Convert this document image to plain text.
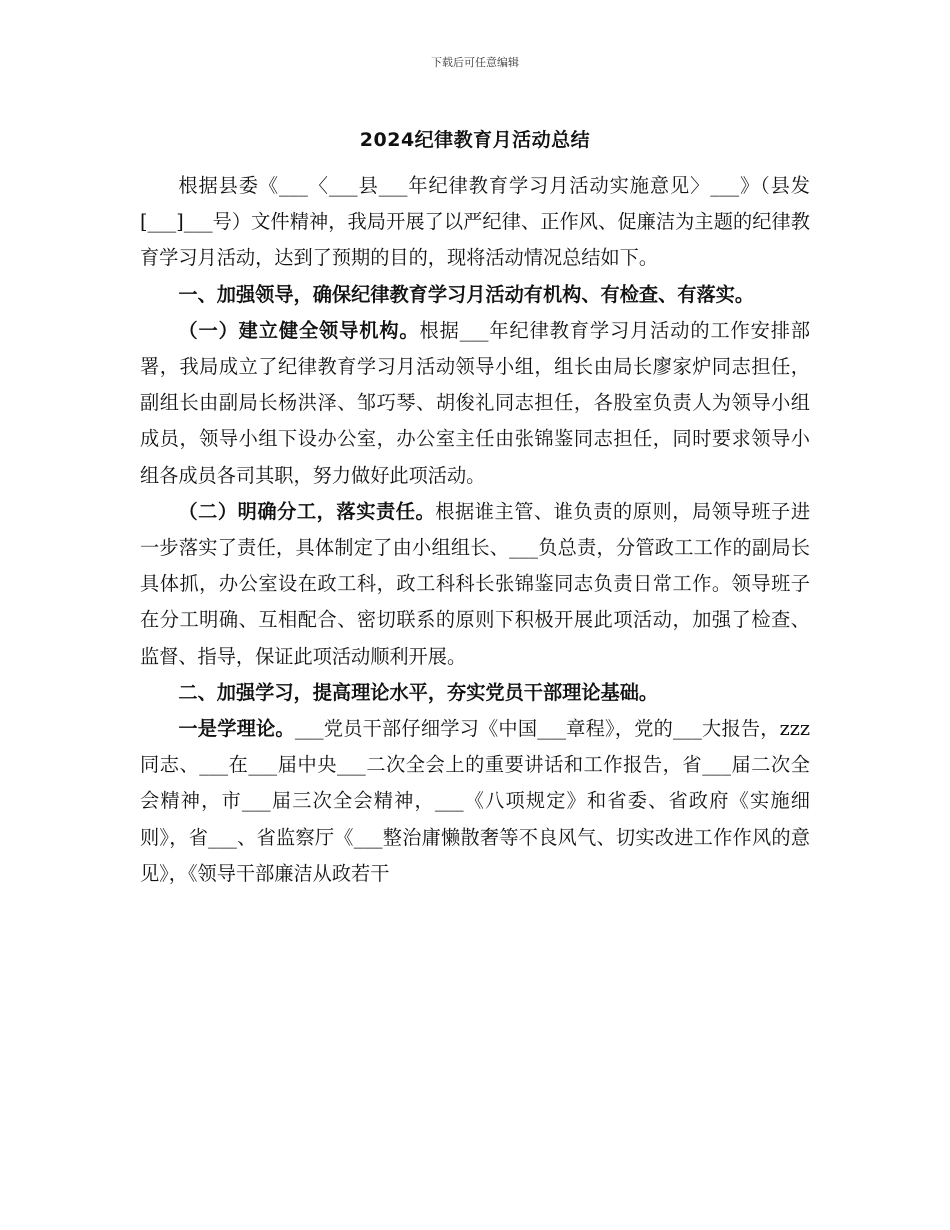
下载后可任意编辑
2024纪律教育月活动总结

根据县委《___〈___县___年纪律教育学习月活动实施意见〉___》（县发[___]___号）文件精神，我局开展了以严纪律、正作风、促廉洁为主题的纪律教育学习月活动，达到了预期的目的，现将活动情况总结如下。

一、加强领导，确保纪律教育学习月活动有机构、有检查、有落实。

（一）建立健全领导机构。根据___年纪律教育学习月活动的工作安排部署，我局成立了纪律教育学习月活动领导小组，组长由局长廖家炉同志担任，副组长由副局长杨洪泽、邹巧琴、胡俊礼同志担任，各股室负责人为领导小组成员，领导小组下设办公室，办公室主任由张锦鉴同志担任，同时要求领导小组各成员各司其职，努力做好此项活动。

（二）明确分工，落实责任。根据谁主管、谁负责的原则，局领导班子进一步落实了责任，具体制定了由小组组长、___负总责，分管政工工作的副局长具体抓，办公室设在政工科，政工科科长张锦鉴同志负责日常工作。领导班子在分工明确、互相配合、密切联系的原则下积极开展此项活动，加强了检查、监督、指导，保证此项活动顺利开展。

二、加强学习，提高理论水平，夯实党员干部理论基础。

一是学理论。___党员干部仔细学习《中国___章程》，党的___大报告，zzz同志、___在___届中央___二次全会上的重要讲话和工作报告，省___届二次全会精神，市___届三次全会精神，___《八项规定》和省委、省政府《实施细则》，省___、省监察厅《___整治庸懒散奢等不良风气、切实改进工作作风的意见》，《领导干部廉洁从政若干
